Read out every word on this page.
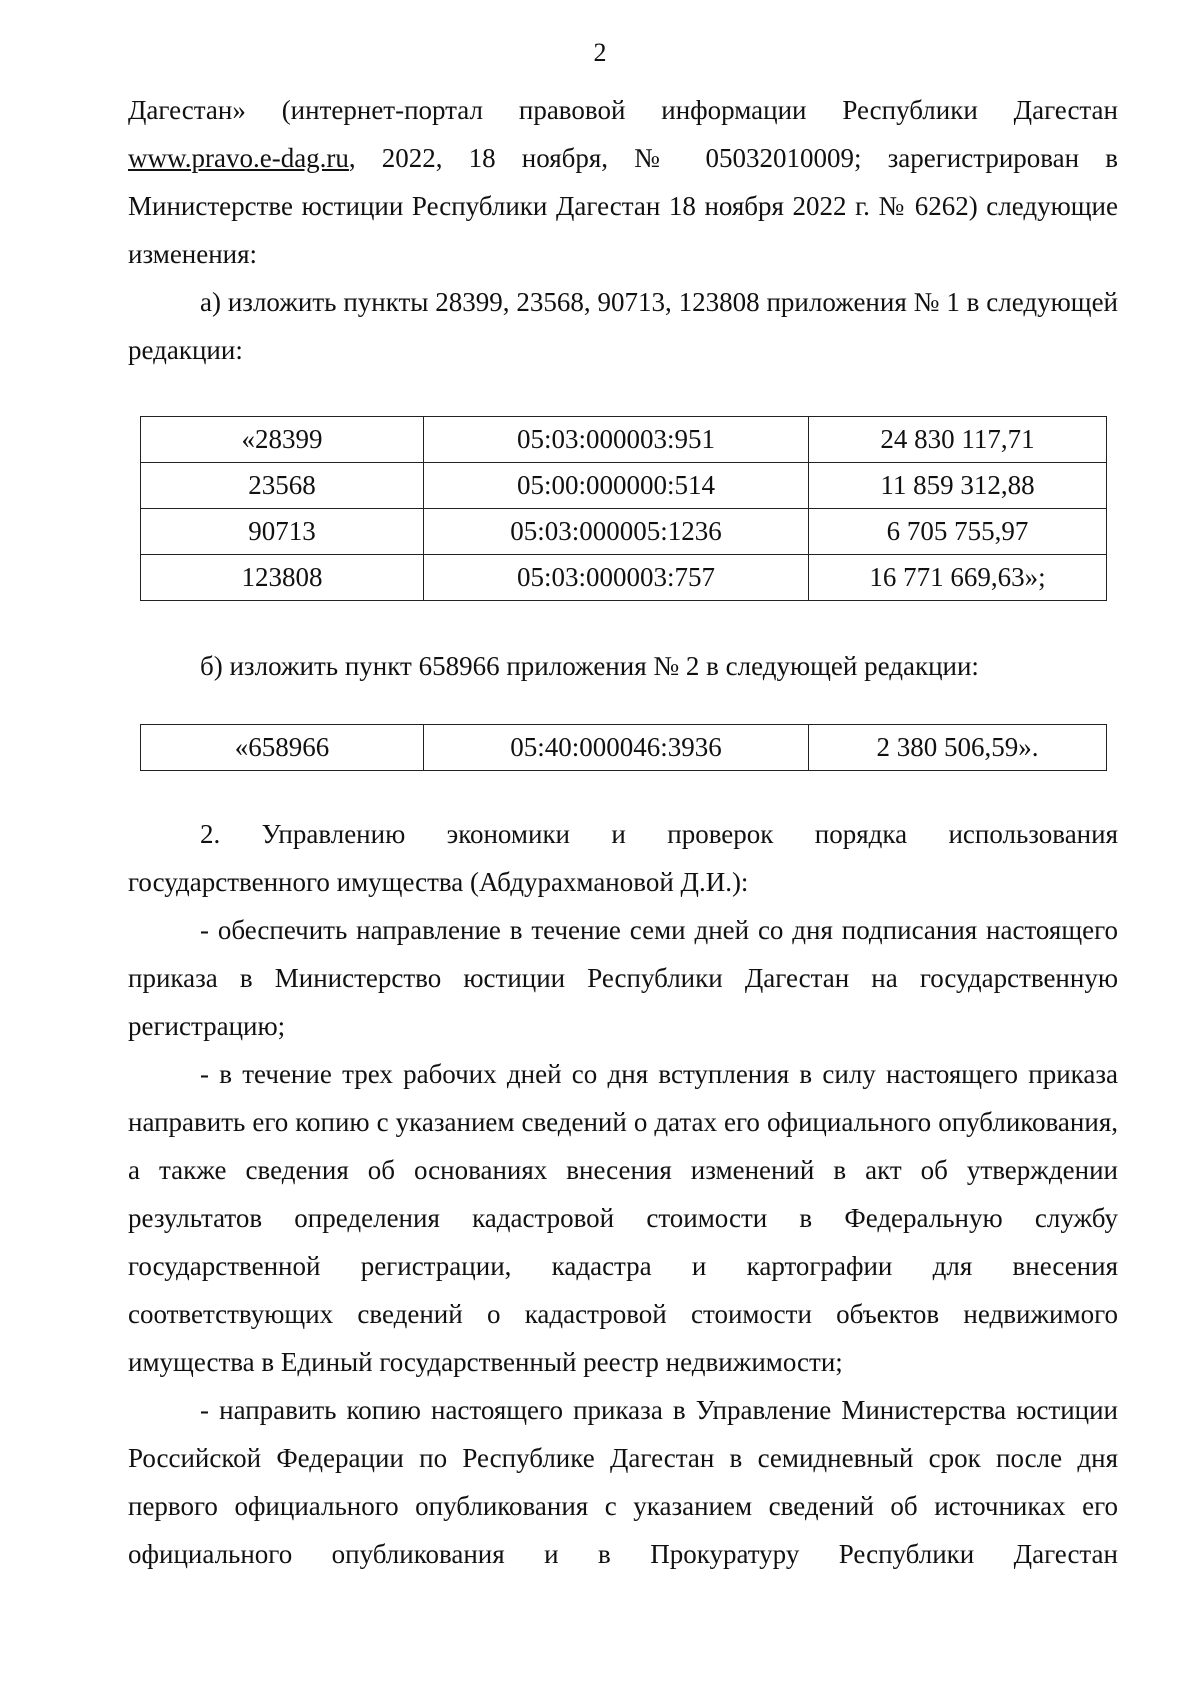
2

Дагестан» (интернет-портал правовой информации Республики Дагестан

www.pravo.e-dag.ru, 2022, 18 ноября, № 05032010009; зарегистрирован в Министерстве юстиции Республики Дагестан 18 ноября 2022 г. № 6262) следующие изменения:

а) изложить пункты 28399, 23568, 90713, 123808 приложения № 1 в следующей редакции:

«28399	05:03:000003:951	24 830 117,71
23568	05:00:000000:514	11 859 312,88
90713	05:03:000005:1236	6 705 755,97
123808	05:03:000003:757	16 771 669,63»;

б) изложить пункт 658966 приложения № 2 в следующей редакции:

«658966	05:40:000046:3936	2 380 506,59».

2. Управлению экономики и проверок порядка использования государственного имущества (Абдурахмановой Д.И.):

- обеспечить направление в течение семи дней со дня подписания настоящего приказа в Министерство юстиции Республики Дагестан на государственную регистрацию;

- в течение трех рабочих дней со дня вступления в силу настоящего приказа направить его копию с указанием сведений о датах его официального опубликования, а также сведения об основаниях внесения изменений в акт об утверждении результатов определения кадастровой стоимости в Федеральную службу государственной регистрации, кадастра и картографии для внесения соответствующих сведений о кадастровой стоимости объектов недвижимого имущества в Единый государственный реестр недвижимости;

- направить копию настоящего приказа в Управление Министерства юстиции Российской Федерации по Республике Дагестан в семидневный срок после дня первого официального опубликования с указанием сведений об источниках его официального опубликования и в Прокуратуру Республики Дагестан
